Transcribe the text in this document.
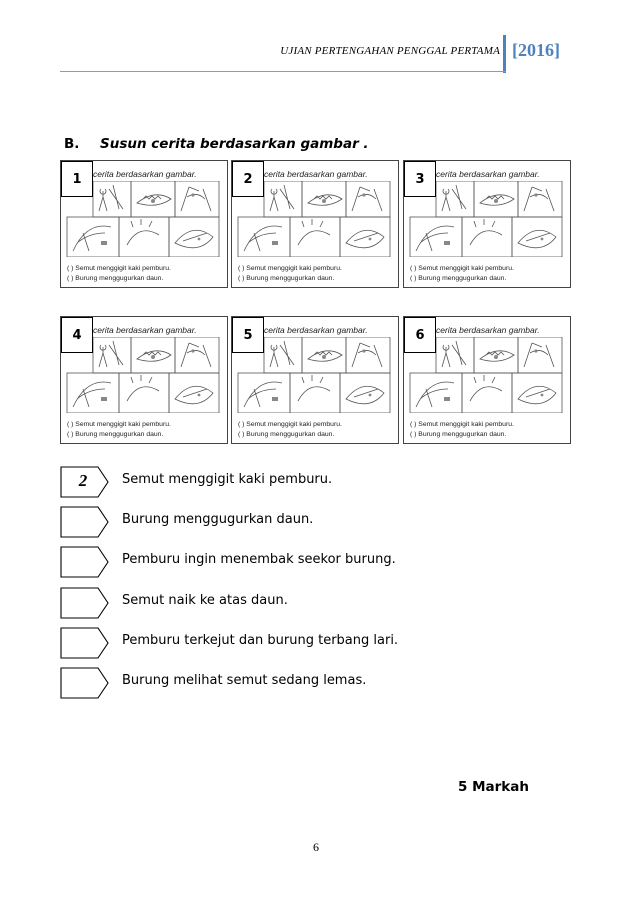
UJIAN PERTENGAHAN PENGGAL PERTAMA [2016]
B. Susun cerita berdasarkan gambar .
1	cerita berdasarkan gambar.
( ) Semut menggigit kaki pemburu.
( ) Burung menggugurkan daun.
2	cerita berdasarkan gambar.
( ) Semut menggigit kaki pemburu.
( ) Burung menggugurkan daun.
3	cerita berdasarkan gambar.
( ) Semut menggigit kaki pemburu.
( ) Burung menggugurkan daun.
4	cerita berdasarkan gambar.
( ) Semut menggigit kaki pemburu.
( ) Burung menggugurkan daun.
5	cerita berdasarkan gambar.
( ) Semut menggigit kaki pemburu.
( ) Burung menggugurkan daun.
6	cerita berdasarkan gambar.
( ) Semut menggigit kaki pemburu.
( ) Burung menggugurkan daun.
2	Semut menggigit kaki pemburu.
Burung menggugurkan daun.
Pemburu ingin menembak seekor burung.
Semut naik ke atas daun.
Pemburu terkejut dan burung terbang lari.
Burung melihat semut sedang lemas.
5 Markah
6
